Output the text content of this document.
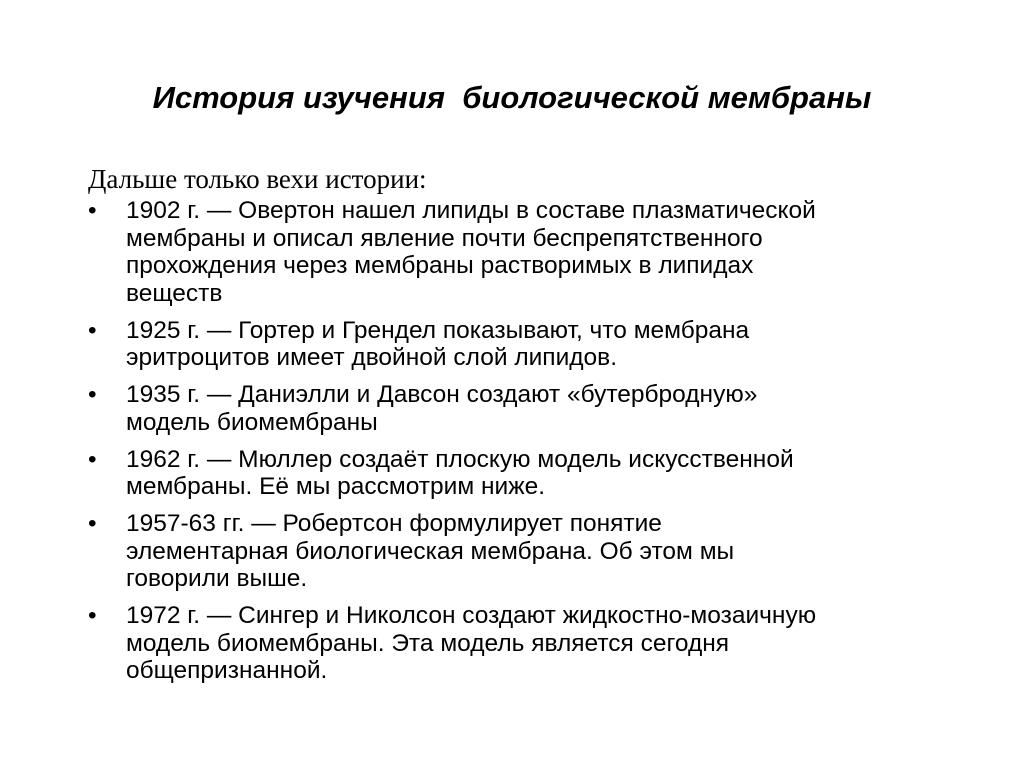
История изучения  биологической мембраны
Дальше только вехи истории:
•	1902 г. — Овертон нашел липиды в составе плазматической
мембраны и описал явление почти беспрепятственного
прохождения через мембраны растворимых в липидах
веществ
•	1925 г. — Гортер и Грендел показывают, что мембрана
эритроцитов имеет двойной слой липидов.
•	1935 г. — Даниэлли и Давсон создают «бутербродную»
модель биомембраны
•	1962 г. — Мюллер создаёт плоскую модель искусственной
мембраны. Её мы рассмотрим ниже.
•	1957-63 гг. — Робертсон формулирует понятие
элементарная биологическая мембрана. Об этом мы
говорили выше.
•	1972 г. — Сингер и Николсон создают жидкостно-мозаичную
модель биомембраны. Эта модель является сегодня
общепризнанной.
